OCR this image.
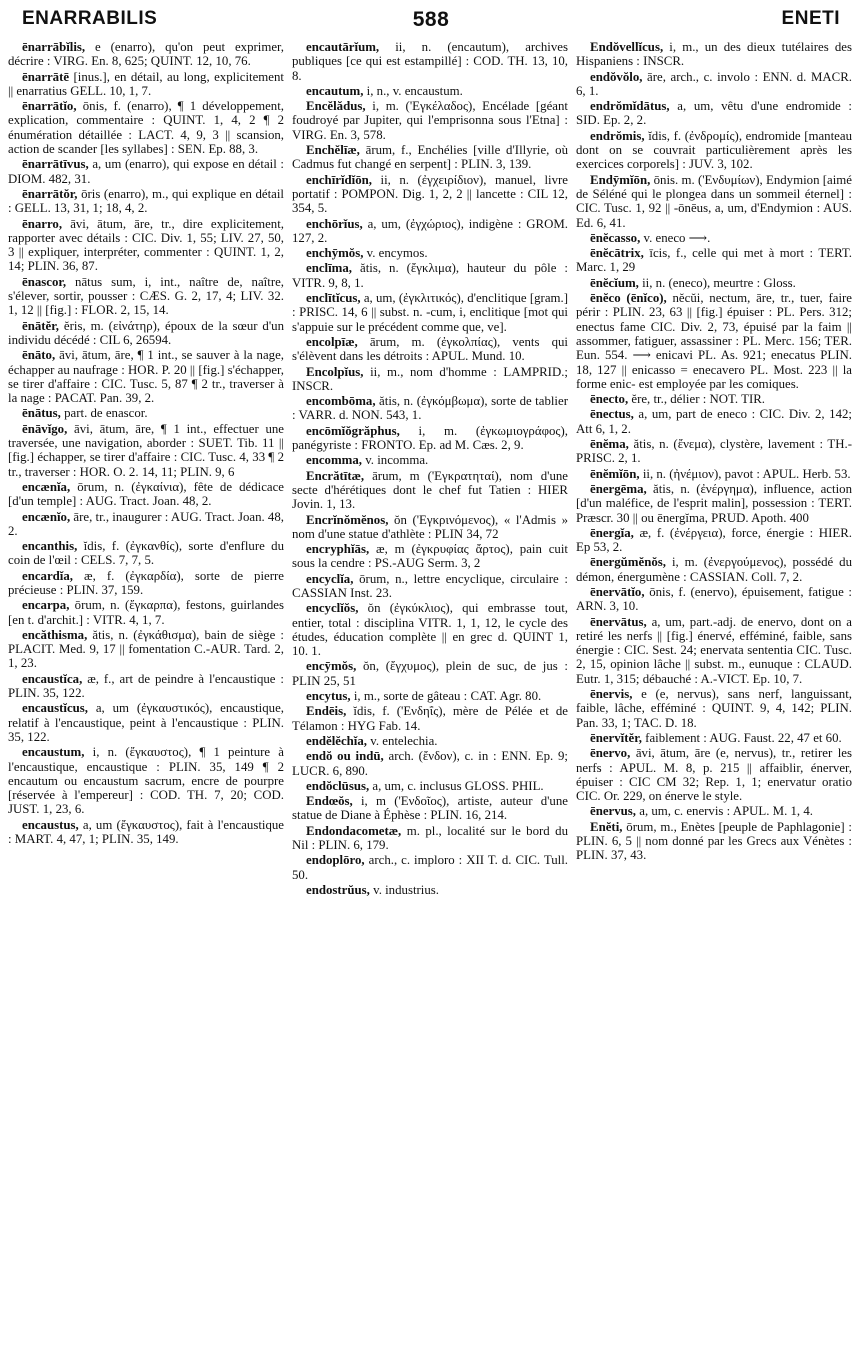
588
ENARRABILIS	ENETI

ēnarrābĭlis, e (enarro), qu'on peut exprimer, décrire : VIRG. En. 8, 625; QUINT. 12, 10, 76.

ēnarrātē [inus.], en détail, au long, explicitement || enarratius GELL. 10, 1, 7.

ēnarrātĭo, ōnis, f. (enarro), ¶ 1 développement, explication, commentaire : QUINT. 1, 4, 2 ¶ 2 énumération détaillée : LACT. 4, 9, 3 || scansion, action de scander [les syllabes] : SEN. Ep. 88, 3.

ēnarrātīvus, a, um (enarro), qui expose en détail : DIOM. 482, 31.

ēnarrātŏr, ōris (enarro), m., qui explique en détail : GELL. 13, 31, 1; 18, 4, 2.

ēnarro, āvi, ātum, āre, tr., dire explicitement, rapporter avec détails : CIC. Div. 1, 55; LIV. 27, 50, 3 || expliquer, interpréter, commenter : QUINT. 1, 2, 14; PLIN. 36, 87.

ēnascor, nātus sum, i, int., naître de, naître, s'élever, sortir, pousser : CÆS. G. 2, 17, 4; LIV. 32. 1, 12 || [fig.] : FLOR. 2, 15, 14.

ēnātĕr, ĕris, m. (εἰνάτηρ), époux de la sœur d'un individu décédé : CIL 6, 26594.

ēnāto, āvi, ātum, āre, ¶ 1 int., se sauver à la nage, échapper au naufrage : HOR. P. 20 || [fig.] s'échapper, se tirer d'affaire : CIC. Tusc. 5, 87 ¶ 2 tr., traverser à la nage : PACAT. Pan. 39, 2.

ēnātus, part. de enascor.

ēnāvĭgo, āvi, ātum, āre, ¶ 1 int., effectuer une traversée, une navigation, aborder : SUET. Tib. 11 || [fig.] échapper, se tirer d'affaire : CIC. Tusc. 4, 33 ¶ 2 tr., traverser : HOR. O. 2. 14, 11; PLIN. 9, 6

encænĭa, ōrum, n. (ἐγκαίνια), fête de dédicace [d'un temple] : AUG. Tract. Joan. 48, 2.

encænĭo, āre, tr., inaugurer : AUG. Tract. Joan. 48, 2.

encanthis, ĭdis, f. (ἐγκανθίς), sorte d'enflure du coin de l'œil : CELS. 7, 7, 5.

encardĭa, æ, f. (ἐγκαρδία), sorte de pierre précieuse : PLIN. 37, 159.

encarpa, ōrum, n. (ἔγκαρπα), festons, guirlandes [en t. d'archit.] : VITR. 4, 1, 7.

encăthisma, ătis, n. (ἐγκάθισμα), bain de siège : PLACIT. Med. 9, 17 || fomentation C.-AUR. Tard. 2, 1, 23.

encaustĭca, æ, f., art de peindre à l'encaustique : PLIN. 35, 122.

encaustĭcus, a, um (ἐγκαυστικός), encaustique, relatif à l'encaustique, peint à l'encaustique : PLIN. 35, 122.

encaustum, i, n. (ἔγκαυστος), ¶ 1 peinture à l'encaustique, encaustique : PLIN. 35, 149 ¶ 2 encautum ou encaustum sacrum, encre de pourpre [réservée à l'empereur] : COD. TH. 7, 20; COD. JUST. 1, 23, 6.

encaustus, a, um (ἔγκαυστος), fait à l'encaustique : MART. 4, 47, 1; PLIN. 35, 149.

encautārĭum, ii, n. (encautum), archives publiques [ce qui est estampillé] : COD. TH. 13, 10, 8.

encautum, i, n., v. encaustum.

Encĕlădus, i, m. ('Εγκέλαδος), Encélade [géant foudroyé par Jupiter, qui l'emprisonna sous l'Etna] : VIRG. En. 3, 578.

Enchĕlīæ, ārum, f., Enchélies [ville d'Illyrie, où Cadmus fut changé en serpent] : PLIN. 3, 139.

enchīrĭdĭōn, ii, n. (ἐγχειρίδιον), manuel, livre portatif : POMPON. Dig. 1, 2, 2 || lancette : CIL 12, 354, 5.

enchōrĭus, a, um, (ἐγχώριος), indigène : GROM. 127, 2.

enchȳmŏs, v. encymos.

enclīma, ătis, n. (ἔγκλιμα), hauteur du pôle : VITR. 9, 8, 1.

enclītĭcus, a, um, (ἐγκλιτικός), d'enclitique [gram.] : PRISC. 14, 6 || subst. n. -cum, i, enclitique [mot qui s'appuie sur le précédent comme que, ve].

encolpīæ, ārum, m. (ἐγκολπίας), vents qui s'élèvent dans les détroits : APUL. Mund. 10.

Encolpĭus, ii, m., nom d'homme : LAMPRID.; INSCR.

encombōma, ătis, n. (ἐγκόμβωμα), sorte de tablier : VARR. d. NON. 543, 1.

encōmĭŏgrăphus, i, m. (ἐγκωμιογράφος), panégyriste : FRONTO. Ep. ad M. Cæs. 2, 9.

encomma, v. incomma.

Encrătītæ, ārum, m ('Εγκρατηταί), nom d'une secte d'hérétiques dont le chef fut Tatien : HIER Jovin. 1, 13.

Encrĭnŏmĕnos, ŏn ('Εγκρινόμενος), « l'Admis » nom d'une statue d'athlète : PLIN 34, 72

encryphĭās, æ, m (ἐγκρυφίας ἄρτος), pain cuit sous la cendre : PS.-AUG Serm. 3, 2

encyclĭa, ōrum, n., lettre encyclique, circulaire : CASSIAN Inst. 23.

encyclĭŏs, ŏn (ἐγκύκλιος), qui embrasse tout, entier, total : disciplina VITR. 1, 1, 12, le cycle des études, éducation complète || en grec d. QUINT 1, 10. 1.

encȳmŏs, ŏn, (ἔγχυμος), plein de suc, de jus : PLIN 25, 51

encytus, i, m., sorte de gâteau : CAT. Agr. 80.

Endēis, ĭdis, f. ('Ενδηΐς), mère de Pélée et de Télamon : HYG Fab. 14.

endĕlĕchĭa, v. entelechia.

endŏ ou indū, arch. (ἔνδον), c. in : ENN. Ep. 9; LUCR. 6, 890.

endŏclūsus, a, um, c. inclusus GLOSS. PHIL.

Endœŏs, i, m ('Ενδοῖος), artiste, auteur d'une statue de Diane à Éphèse : PLIN. 16, 214.

Endondacometæ, m. pl., localité sur le bord du Nil : PLIN. 6, 179.

endoplōro, arch., c. imploro : XII T. d. CIC. Tull. 50.

endostrŭus, v. industrius.

Endŏvellĭcus, i, m., un des dieux tutélaires des Hispaniens : INSCR.

endŏvŏlo, āre, arch., c. involo : ENN. d. MACR. 6, 1.

endrŏmĭdātus, a, um, vêtu d'une endromide : SID. Ep. 2, 2.

endrŏmis, ĭdis, f. (ἐνδρομίς), endromide [manteau dont on se couvrait particulièrement après les exercices corporels] : JUV. 3, 102.

Endȳmĭōn, ōnis. m. ('Ενδυμίων), Endymion [aimé de Séléné qui le plongea dans un sommeil éternel] : CIC. Tusc. 1, 92 || -ōnēus, a, um, d'Endymion : AUS. Ed. 6, 41.

ēnĕcasso, v. eneco ⟶.

ēnĕcātrix, īcis, f., celle qui met à mort : TERT. Marc. 1, 29

ēnĕcĭum, ii, n. (eneco), meurtre : Gloss.

ēnĕco (ēnĭco), nĕcŭi, nectum, āre, tr., tuer, faire périr : PLIN. 23, 63 || [fig.] épuiser : PL. Pers. 312; enectus fame CIC. Div. 2, 73, épuisé par la faim || assommer, fatiguer, assassiner : PL. Merc. 156; TER. Eun. 554. ⟶ enicavi PL. As. 921; enecatus PLIN. 18, 127 || enicasso = enecavero PL. Most. 223 || la forme enic- est employée par les comiques.

ēnecto, ĕre, tr., délier : NOT. TIR.

ēnectus, a, um, part de eneco : CIC. Div. 2, 142; Att 6, 1, 2.

ēnĕma, ătis, n. (ἔνεμα), clystère, lavement : TH.-PRISC. 2, 1.

ēnĕmĭōn, ii, n. (ἠνέμιον), pavot : APUL. Herb. 53.

ēnergēma, ătis, n. (ἐνέργημα), influence, action [d'un maléfice, de l'esprit malin], possession : TERT. Præscr. 30 || ou ēnergĭma, PRUD. Apoth. 400

ēnergĭa, æ, f. (ἐνέργεια), force, énergie : HIER. Ep 53, 2.

ēnergŭmĕnŏs, i, m. (ἐνεργούμενος), possédé du démon, énergumène : CASSIAN. Coll. 7, 2.

ēnervātĭo, ōnis, f. (enervo), épuisement, fatigue : ARN. 3, 10.

ēnervātus, a, um, part.-adj. de enervo, dont on a retiré les nerfs || [fig.] énervé, efféminé, faible, sans énergie : CIC. Sest. 24; enervata sententia CIC. Tusc. 2, 15, opinion lâche || subst. m., eunuque : CLAUD. Eutr. 1, 315; débauché : A.-VICT. Ep. 10, 7.

ēnervis, e (e, nervus), sans nerf, languissant, faible, lâche, efféminé : QUINT. 9, 4, 142; PLIN. Pan. 33, 1; TAC. D. 18.

ēnervĭtĕr, faiblement : AUG. Faust. 22, 47 et 60.

ēnervo, āvi, ātum, āre (e, nervus), tr., retirer les nerfs : APUL. M. 8, p. 215 || affaiblir, énerver, épuiser : CIC CM 32; Rep. 1, 1; enervatur oratio CIC. Or. 229, on énerve le style.

ēnervus, a, um, c. enervis : APUL. M. 1, 4.

Enĕti, ōrum, m., Enètes [peuple de Paphlagonie] : PLIN. 6, 5 || nom donné par les Grecs aux Vénètes : PLIN. 37, 43.
